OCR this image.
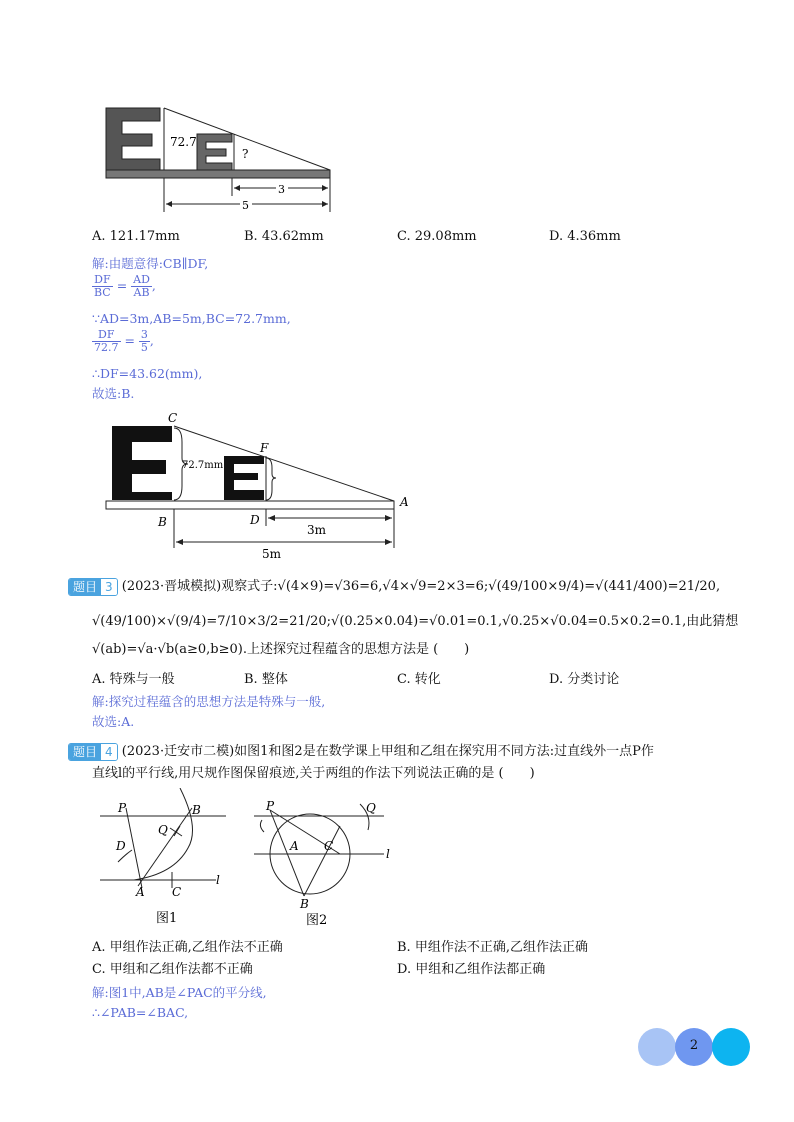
72.7
?
3
5
A. 121.17mm	B. 43.62mm	C. 29.08mm	D. 4.36mm
解:由题意得:CB∥DF,
$\frac{DF}{BC} = \frac{AD}{AB}$ ,
∵AD=3m,AB=5m,BC=72.7mm,
$\frac{DF}{72.7} = \frac{3}{5}$ ,
∴DF=43.62(mm),
故选:B.
C
F
72.7mm
A
B	D
3m
5m
题目 3 (2023·晋城模拟)观察式子:√(4×9)=√36=6,√4×√9=2×3=6;√(49/100×9/4)=√(441/400)=21/20,
√(49/100)×√(9/4)=7/10×3/2=21/20;√(0.25×0.04)=√0.01=0.1,√0.25×√0.04=0.5×0.2=0.1,由此猜想
√(ab)=√a·√b(a≥0,b≥0).上述探究过程蕴含的思想方法是 (　　)
A. 特殊与一般	B. 整体	C. 转化	D. 分类讨论
解:探究过程蕴含的思想方法是特殊与一般,
故选:A.
题目 4 (2023·迁安市二模)如图1和图2是在数学课上甲组和乙组在探究用不同方法:过直线外一点P作
直线l的平行线,用尺规作图保留痕迹,关于两组的作法下列说法正确的是 (　　)
P	B
Q
D
A C
l
图1
P	Q
A C
l
B
图2
A. 甲组作法正确,乙组作法不正确	B. 甲组作法不正确,乙组作法正确
C. 甲组和乙组作法都不正确	D. 甲组和乙组作法都正确
解:图1中,AB是∠PAC的平分线,
∴∠PAB=∠BAC,
2
